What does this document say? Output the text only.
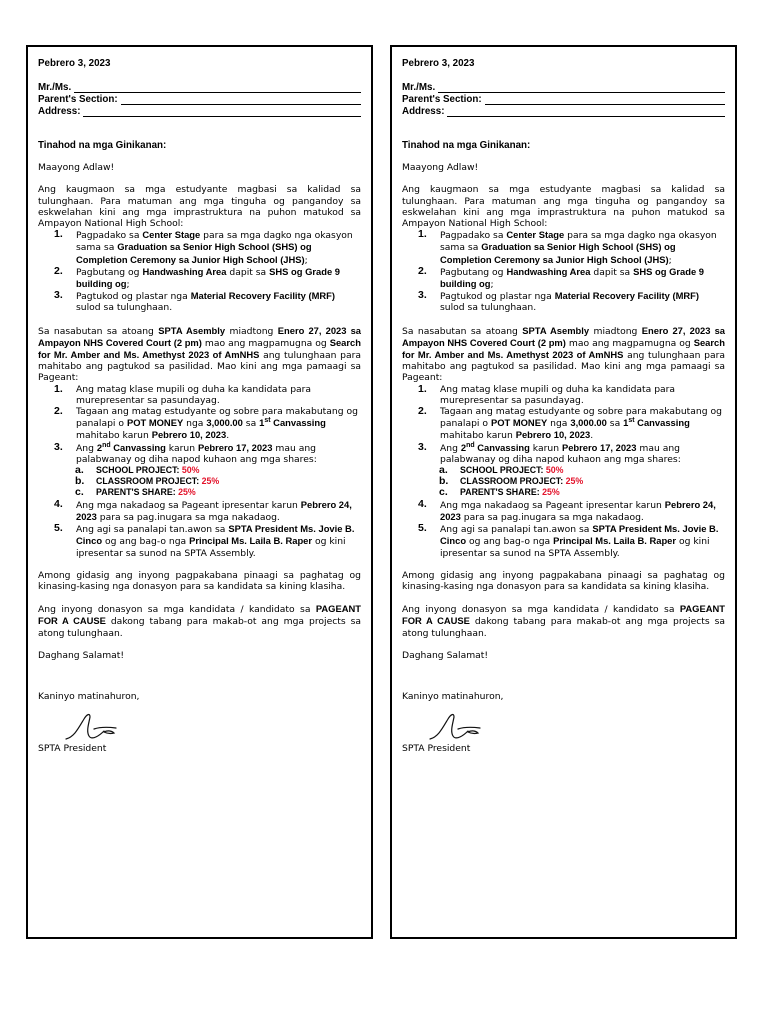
Pebrero 3, 2023
Mr./Ms.
Parent's Section:
Address:
Tinahod na mga Ginikanan:

Maayong Adlaw!

Ang kaugmaon sa mga estudyante magbasi sa kalidad sa tulunghaan. Para matuman ang mga tinguha og pangandoy sa eskwelahan kini ang mga imprastruktura na puhon matukod sa Ampayon National High School:

1.	Pagpadako sa Center Stage para sa mga dagko nga okasyon sama sa Graduation sa Senior High School (SHS) og Completion Ceremony sa Junior High School (JHS);
2.	Pagbutang og Handwashing Area dapit sa SHS og Grade 9 building og;
3.	Pagtukod og plastar nga Material Recovery Facility (MRF) sulod sa tulunghaan.

Sa nasabutan sa atoang SPTA Asembly miadtong Enero 27, 2023 sa Ampayon NHS Covered Court (2 pm) mao ang magpamugna og Search for Mr. Amber and Ms. Amethyst 2023 of AmNHS ang tulunghaan para mahitabo ang pagtukod sa pasilidad. Mao kini ang mga pamaagi sa Pageant:

1.	Ang matag klase mupili og duha ka kandidata para murepresentar sa pasundayag.
2.	Tagaan ang matag estudyante og sobre para makabutang og panalapi o POT MONEY nga 3,000.00 sa 1st Canvassing mahitabo karun Pebrero 10, 2023.
3.	Ang 2nd Canvassing karun Pebrero 17, 2023 mau ang palabwanay og diha napod kuhaon ang mga shares:
a. SCHOOL PROJECT: 50%
b. CLASSROOM PROJECT: 25%
c. PARENT'S SHARE: 25%
4.	Ang mga nakadaog sa Pageant ipresentar karun Pebrero 24, 2023 para sa pag.inugara sa mga nakadaog.
5.	Ang agi sa panalapi tan.awon sa SPTA President Ms. Jovie B. Cinco og ang bag-o nga Principal Ms. Laila B. Raper og kini ipresentar sa sunod na SPTA Assembly.

Among gidasig ang inyong pagpakabana pinaagi sa paghatag og kinasing-kasing nga donasyon para sa kandidata sa kining klasiha.

Ang inyong donasyon sa mga kandidata / kandidato sa PAGEANT FOR A CAUSE dakong tabang para makab-ot ang mga projects sa atong tulunghaan.

Daghang Salamat!

Kaninyo matinahuron,

SPTA President

Pebrero 3, 2023
Mr./Ms.
Parent's Section:
Address:
Tinahod na mga Ginikanan:

Maayong Adlaw!

Ang kaugmaon sa mga estudyante magbasi sa kalidad sa tulunghaan. Para matuman ang mga tinguha og pangandoy sa eskwelahan kini ang mga imprastruktura na puhon matukod sa Ampayon National High School:

1.	Pagpadako sa Center Stage para sa mga dagko nga okasyon sama sa Graduation sa Senior High School (SHS) og Completion Ceremony sa Junior High School (JHS);
2.	Pagbutang og Handwashing Area dapit sa SHS og Grade 9 building og;
3.	Pagtukod og plastar nga Material Recovery Facility (MRF) sulod sa tulunghaan.

Sa nasabutan sa atoang SPTA Asembly miadtong Enero 27, 2023 sa Ampayon NHS Covered Court (2 pm) mao ang magpamugna og Search for Mr. Amber and Ms. Amethyst 2023 of AmNHS ang tulunghaan para mahitabo ang pagtukod sa pasilidad. Mao kini ang mga pamaagi sa Pageant:

1.	Ang matag klase mupili og duha ka kandidata para murepresentar sa pasundayag.
2.	Tagaan ang matag estudyante og sobre para makabutang og panalapi o POT MONEY nga 3,000.00 sa 1st Canvassing mahitabo karun Pebrero 10, 2023.
3.	Ang 2nd Canvassing karun Pebrero 17, 2023 mau ang palabwanay og diha napod kuhaon ang mga shares:
a. SCHOOL PROJECT: 50%
b. CLASSROOM PROJECT: 25%
c. PARENT'S SHARE: 25%
4.	Ang mga nakadaog sa Pageant ipresentar karun Pebrero 24, 2023 para sa pag.inugara sa mga nakadaog.
5.	Ang agi sa panalapi tan.awon sa SPTA President Ms. Jovie B. Cinco og ang bag-o nga Principal Ms. Laila B. Raper og kini ipresentar sa sunod na SPTA Assembly.

Among gidasig ang inyong pagpakabana pinaagi sa paghatag og kinasing-kasing nga donasyon para sa kandidata sa kining klasiha.

Ang inyong donasyon sa mga kandidata / kandidato sa PAGEANT FOR A CAUSE dakong tabang para makab-ot ang mga projects sa atong tulunghaan.

Daghang Salamat!

Kaninyo matinahuron,

SPTA President
